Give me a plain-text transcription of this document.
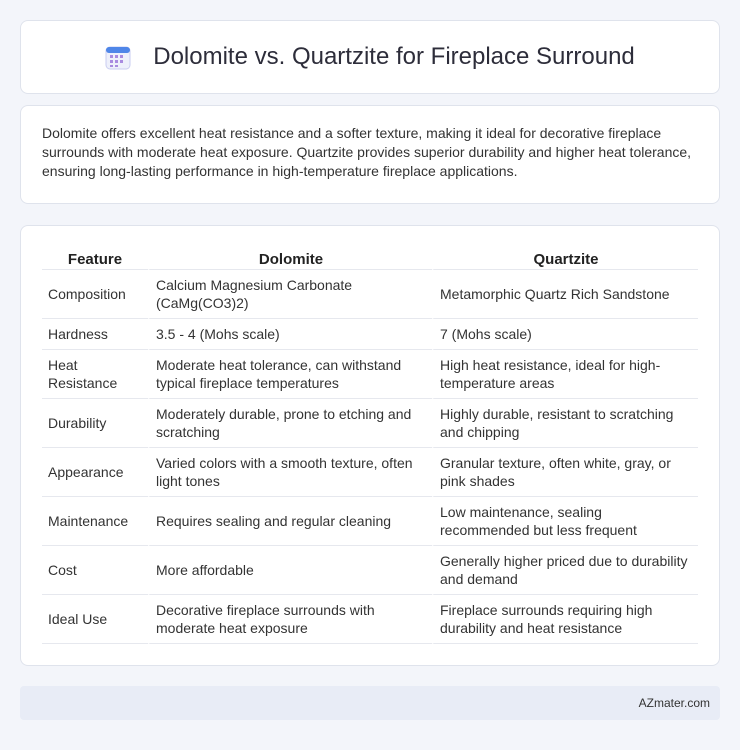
Dolomite vs. Quartzite for Fireplace Surround

Dolomite offers excellent heat resistance and a softer texture, making it ideal for decorative fireplace surrounds with moderate heat exposure. Quartzite provides superior durability and higher heat tolerance, ensuring long-lasting performance in high-temperature fireplace applications.

Feature	Dolomite	Quartzite
Composition	Calcium Magnesium Carbonate (CaMg(CO3)2)	Metamorphic Quartz Rich Sandstone
Hardness	3.5 - 4 (Mohs scale)	7 (Mohs scale)
Heat Resistance	Moderate heat tolerance, can withstand typical fireplace temperatures	High heat resistance, ideal for high-temperature areas
Durability	Moderately durable, prone to etching and scratching	Highly durable, resistant to scratching and chipping
Appearance	Varied colors with a smooth texture, often light tones	Granular texture, often white, gray, or pink shades
Maintenance	Requires sealing and regular cleaning	Low maintenance, sealing recommended but less frequent
Cost	More affordable	Generally higher priced due to durability and demand
Ideal Use	Decorative fireplace surrounds with moderate heat exposure	Fireplace surrounds requiring high durability and heat resistance
AZmater.com
